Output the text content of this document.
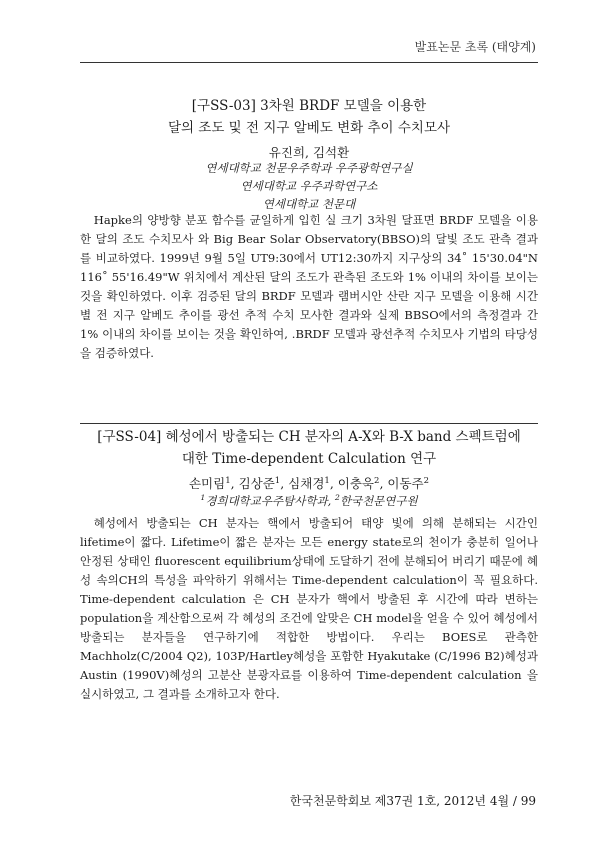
발표논문 초록 (태양계)
[구SS-03] 3차원 BRDF 모델을 이용한
달의 조도 및 전 지구 알베도 변화 추이 수치모사
유진희, 김석환
연세대학교 천문우주학과 우주광학연구실
연세대학교 우주과학연구소
연세대학교 천문대

Hapke의 양방향 분포 함수를 균일하게 입힌 실 크기 3차원 달표면 BRDF 모델을 이용한 달의 조도 수치모사 와 Big Bear Solar Observatory(BBSO)의 달빛 조도 관측 결과를 비교하였다. 1999년 9월 5일 UT9:30에서 UT12:30까지 지구상의 34˚ 15'30.04"N 116˚ 55'16.49"W 위치에서 계산된 달의 조도가 관측된 조도와 1% 이내의 차이를 보이는 것을 확인하였다. 이후 검증된 달의 BRDF 모델과 램버시안 산란 지구 모델을 이용해 시간별 전 지구 알베도 추이를 광선 추적 수치 모사한 결과와 실제 BBSO에서의 측정결과 간 1% 이내의 차이를 보이는 것을 확인하여, .BRDF 모델과 광선추적 수치모사 기법의 타당성을 검증하였다.

[구SS-04] 혜성에서 방출되는 CH 분자의 A-X와 B-X band 스펙트럼에
대한 Time-dependent Calculation 연구
손미림$^1$, 김상준$^1$, 심채경$^1$, 이충욱$^2$, 이동주$^2$
$^1$경희대학교우주탐사학과, $^2$한국천문연구원

혜성에서 방출되는 CH 분자는 핵에서 방출되어 태양 빛에 의해 분해되는 시간인 lifetime이 짧다. Lifetime이 짧은 분자는 모든 energy state로의 천이가 충분히 일어나 안정된 상태인 fluorescent equilibrium상태에 도달하기 전에 분해되어 버리기 때문에 혜성 속의CH의 특성을 파악하기 위해서는 Time-dependent calculation이 꼭 필요하다. Time-dependent calculation 은 CH 분자가 핵에서 방출된 후 시간에 따라 변하는population을 계산함으로써 각 혜성의 조건에 알맞은 CH model을 얻을 수 있어 혜성에서 방출되는 분자들을 연구하기에 적합한 방법이다. 우리는 BOES로 관측한 Machholz(C/2004 Q2), 103P/Hartley혜성을 포함한 Hyakutake (C/1996 B2)혜성과 Austin (1990V)혜성의 고분산 분광자료를 이용하여 Time-dependent calculation 을 실시하였고, 그 결과를 소개하고자 한다.

한국천문학회보 제37권 1호, 2012년 4월 / 99
